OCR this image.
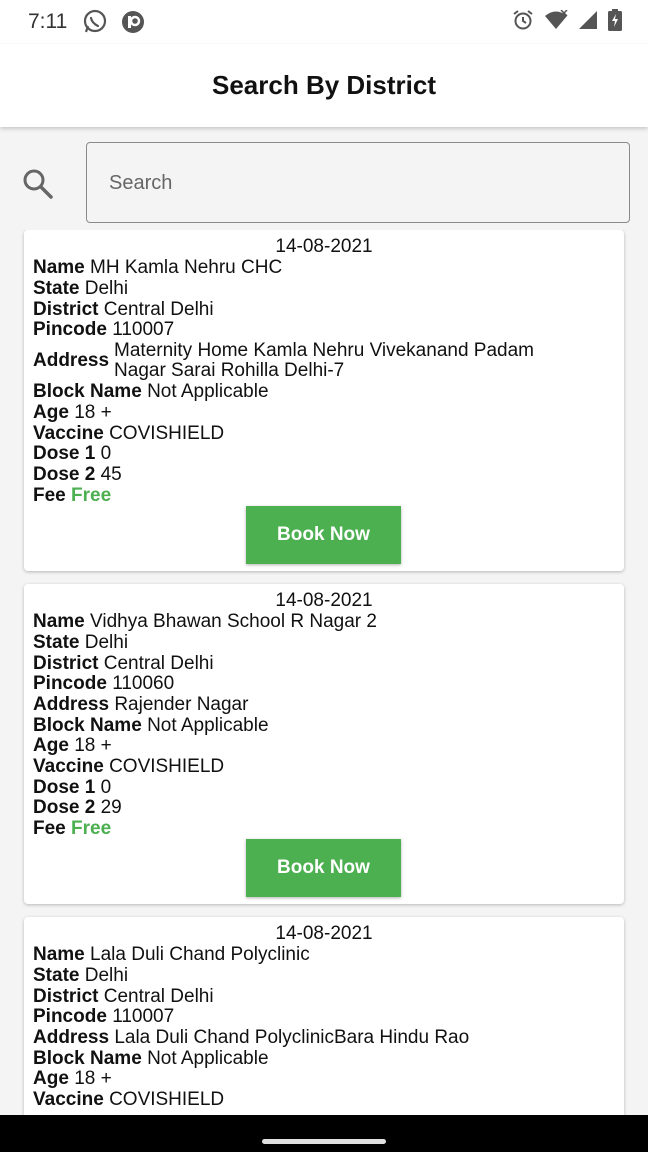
7:11
Search By District
Search
14-08-2021
Name MH Kamla Nehru CHC
State Delhi
District Central Delhi
Pincode 110007
Address Maternity Home Kamla Nehru Vivekanand Padam Nagar Sarai Rohilla Delhi-7
Block Name Not Applicable
Age 18 +
Vaccine COVISHIELD
Dose 1 0
Dose 2 45
Fee Free
Book Now
14-08-2021
Name Vidhya Bhawan School R Nagar 2
State Delhi
District Central Delhi
Pincode 110060
Address Rajender Nagar
Block Name Not Applicable
Age 18 +
Vaccine COVISHIELD
Dose 1 0
Dose 2 29
Fee Free
Book Now
14-08-2021
Name Lala Duli Chand Polyclinic
State Delhi
District Central Delhi
Pincode 110007
Address Lala Duli Chand PolyclinicBara Hindu Rao
Block Name Not Applicable
Age 18 +
Vaccine COVISHIELD
